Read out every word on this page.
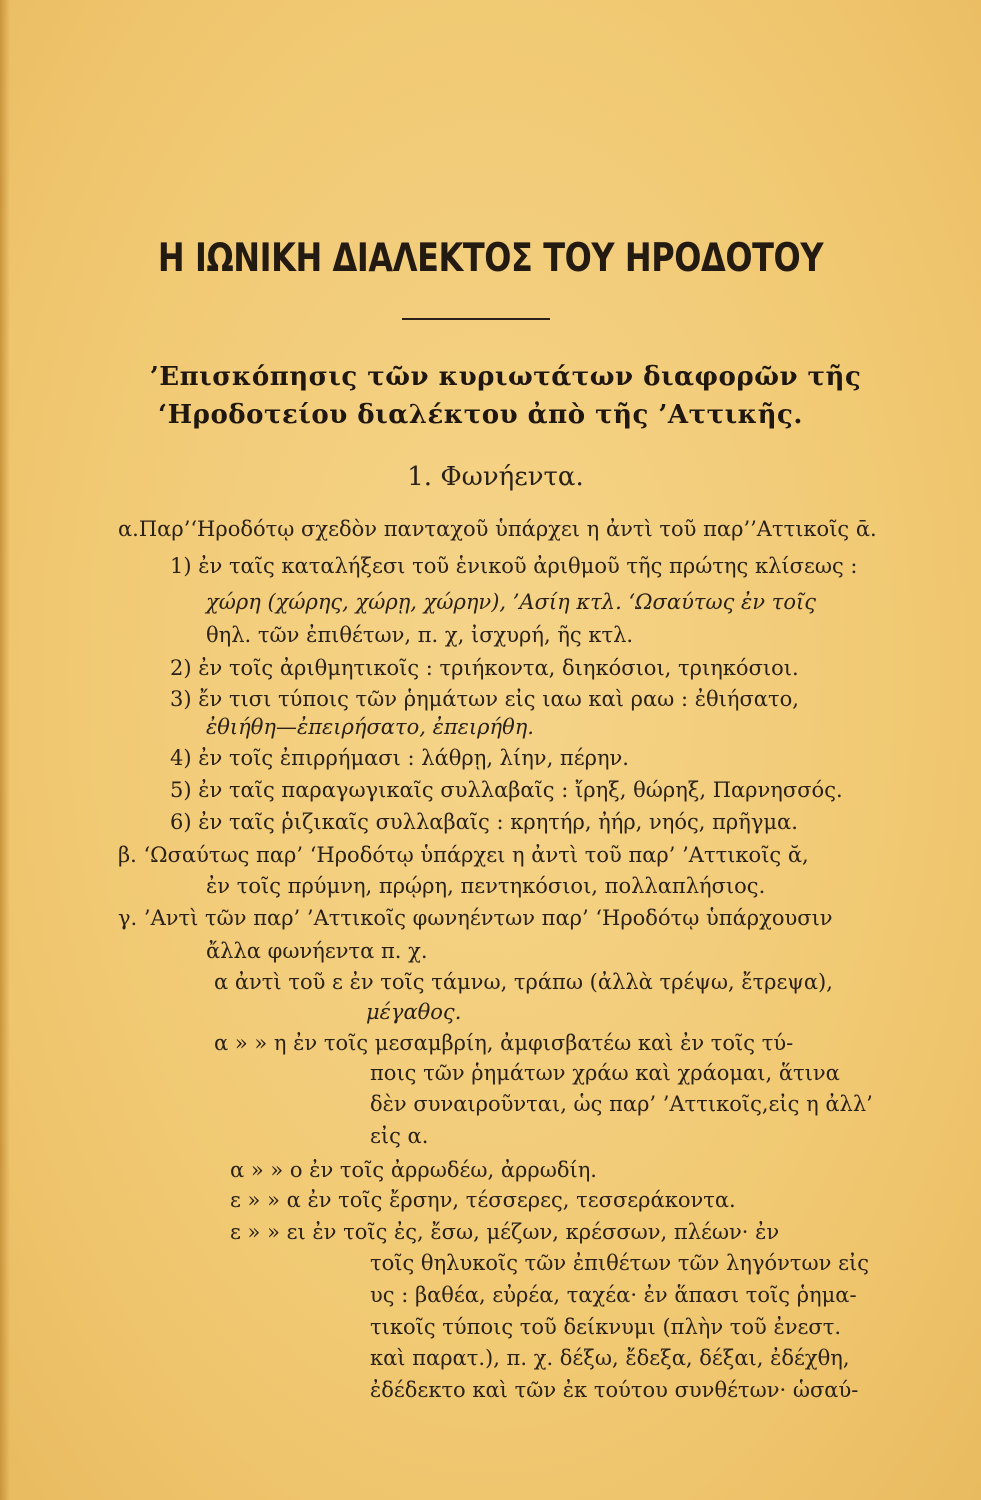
Η ΙΩΝΙΚΗ ΔΙΑΛΕΚΤΟΣ ΤΟΥ ΗΡΟΔΟΤΟΥ
’Επισκόπησις τῶν κυριωτάτων διαφορῶν τῆς
‘Ηροδοτείου διαλέκτου ἀπὸ τῆς ’Αττικῆς.
1. Φωνήεντα.
α.Παρ’‘Ηροδότῳ σχεδὸν πανταχοῦ ὑπάρχει η ἀντὶ τοῦ παρ’’Αττικοῖς ᾱ.
1) ἐν ταῖς καταλήξεσι τοῦ ἑνικοῦ ἀριθμοῦ τῆς πρώτης κλίσεως :
χώρη (χώρης, χώρῃ, χώρην), ’Ασίη κτλ. ‘Ωσαύτως ἐν τοῖς
θηλ. τῶν ἐπιθέτων, π. χ, ἰσχυρή, ῆς κτλ.
2) ἐν τοῖς ἀριθμητικοῖς : τριήκοντα, διηκόσιοι, τριηκόσιοι.
3) ἔν τισι τύποις τῶν ῥημάτων εἰς ιαω καὶ ραω : ἐθιήσατο,
ἐθιήθη—ἐπειρήσατο, ἐπειρήθη.
4) ἐν τοῖς ἐπιρρήμασι : λάθρῃ, λίην, πέρην.
5) ἐν ταῖς παραγωγικαῖς συλλαβαῖς : ἴρηξ, θώρηξ, Παρνησσός.
6) ἐν ταῖς ῥιζικαῖς συλλαβαῖς : κρητήρ, ἠήρ, νηός, πρῆγμα.
β. ‘Ωσαύτως παρ’ ‘Ηροδότῳ ὑπάρχει η ἀντὶ τοῦ παρ’ ’Αττικοῖς ᾰ,
ἐν τοῖς πρύμνη, πρῴρη, πεντηκόσιοι, πολλαπλήσιος.
γ. ’Αντὶ τῶν παρ’ ’Αττικοῖς φωνηέντων παρ’ ‘Ηροδότῳ ὑπάρχουσιν
ἄλλα φωνήεντα π. χ.
α ἀντὶ τοῦ ε ἐν τοῖς τάμνω, τράπω (ἀλλὰ τρέψω, ἔτρεψα),
μέγαθος.
α » » η ἐν τοῖς μεσαμβρίη, ἀμφισβατέω καὶ ἐν τοῖς τύ-
ποις τῶν ῥημάτων χράω καὶ χράομαι, ἅτινα
δὲν συναιροῦνται, ὡς παρ’ ’Αττικοῖς,εἰς η ἀλλ’
εἰς α.
α » » ο ἐν τοῖς ἀρρωδέω, ἀρρωδίη.
ε » » α ἐν τοῖς ἔρσην, τέσσερες, τεσσεράκοντα.
ε » » ει ἐν τοῖς ἐς, ἔσω, μέζων, κρέσσων, πλέων· ἐν
τοῖς θηλυκοῖς τῶν ἐπιθέτων τῶν ληγόντων εἰς
υς : βαθέα, εὐρέα, ταχέα· ἐν ἅπασι τοῖς ῥημα-
τικοῖς τύποις τοῦ δείκνυμι (πλὴν τοῦ ἐνεστ.
καὶ παρατ.), π. χ. δέξω, ἔδεξα, δέξαι, ἐδέχθη,
ἐδέδεκτο καὶ τῶν ἐκ τούτου συνθέτων· ὡσαύ-
